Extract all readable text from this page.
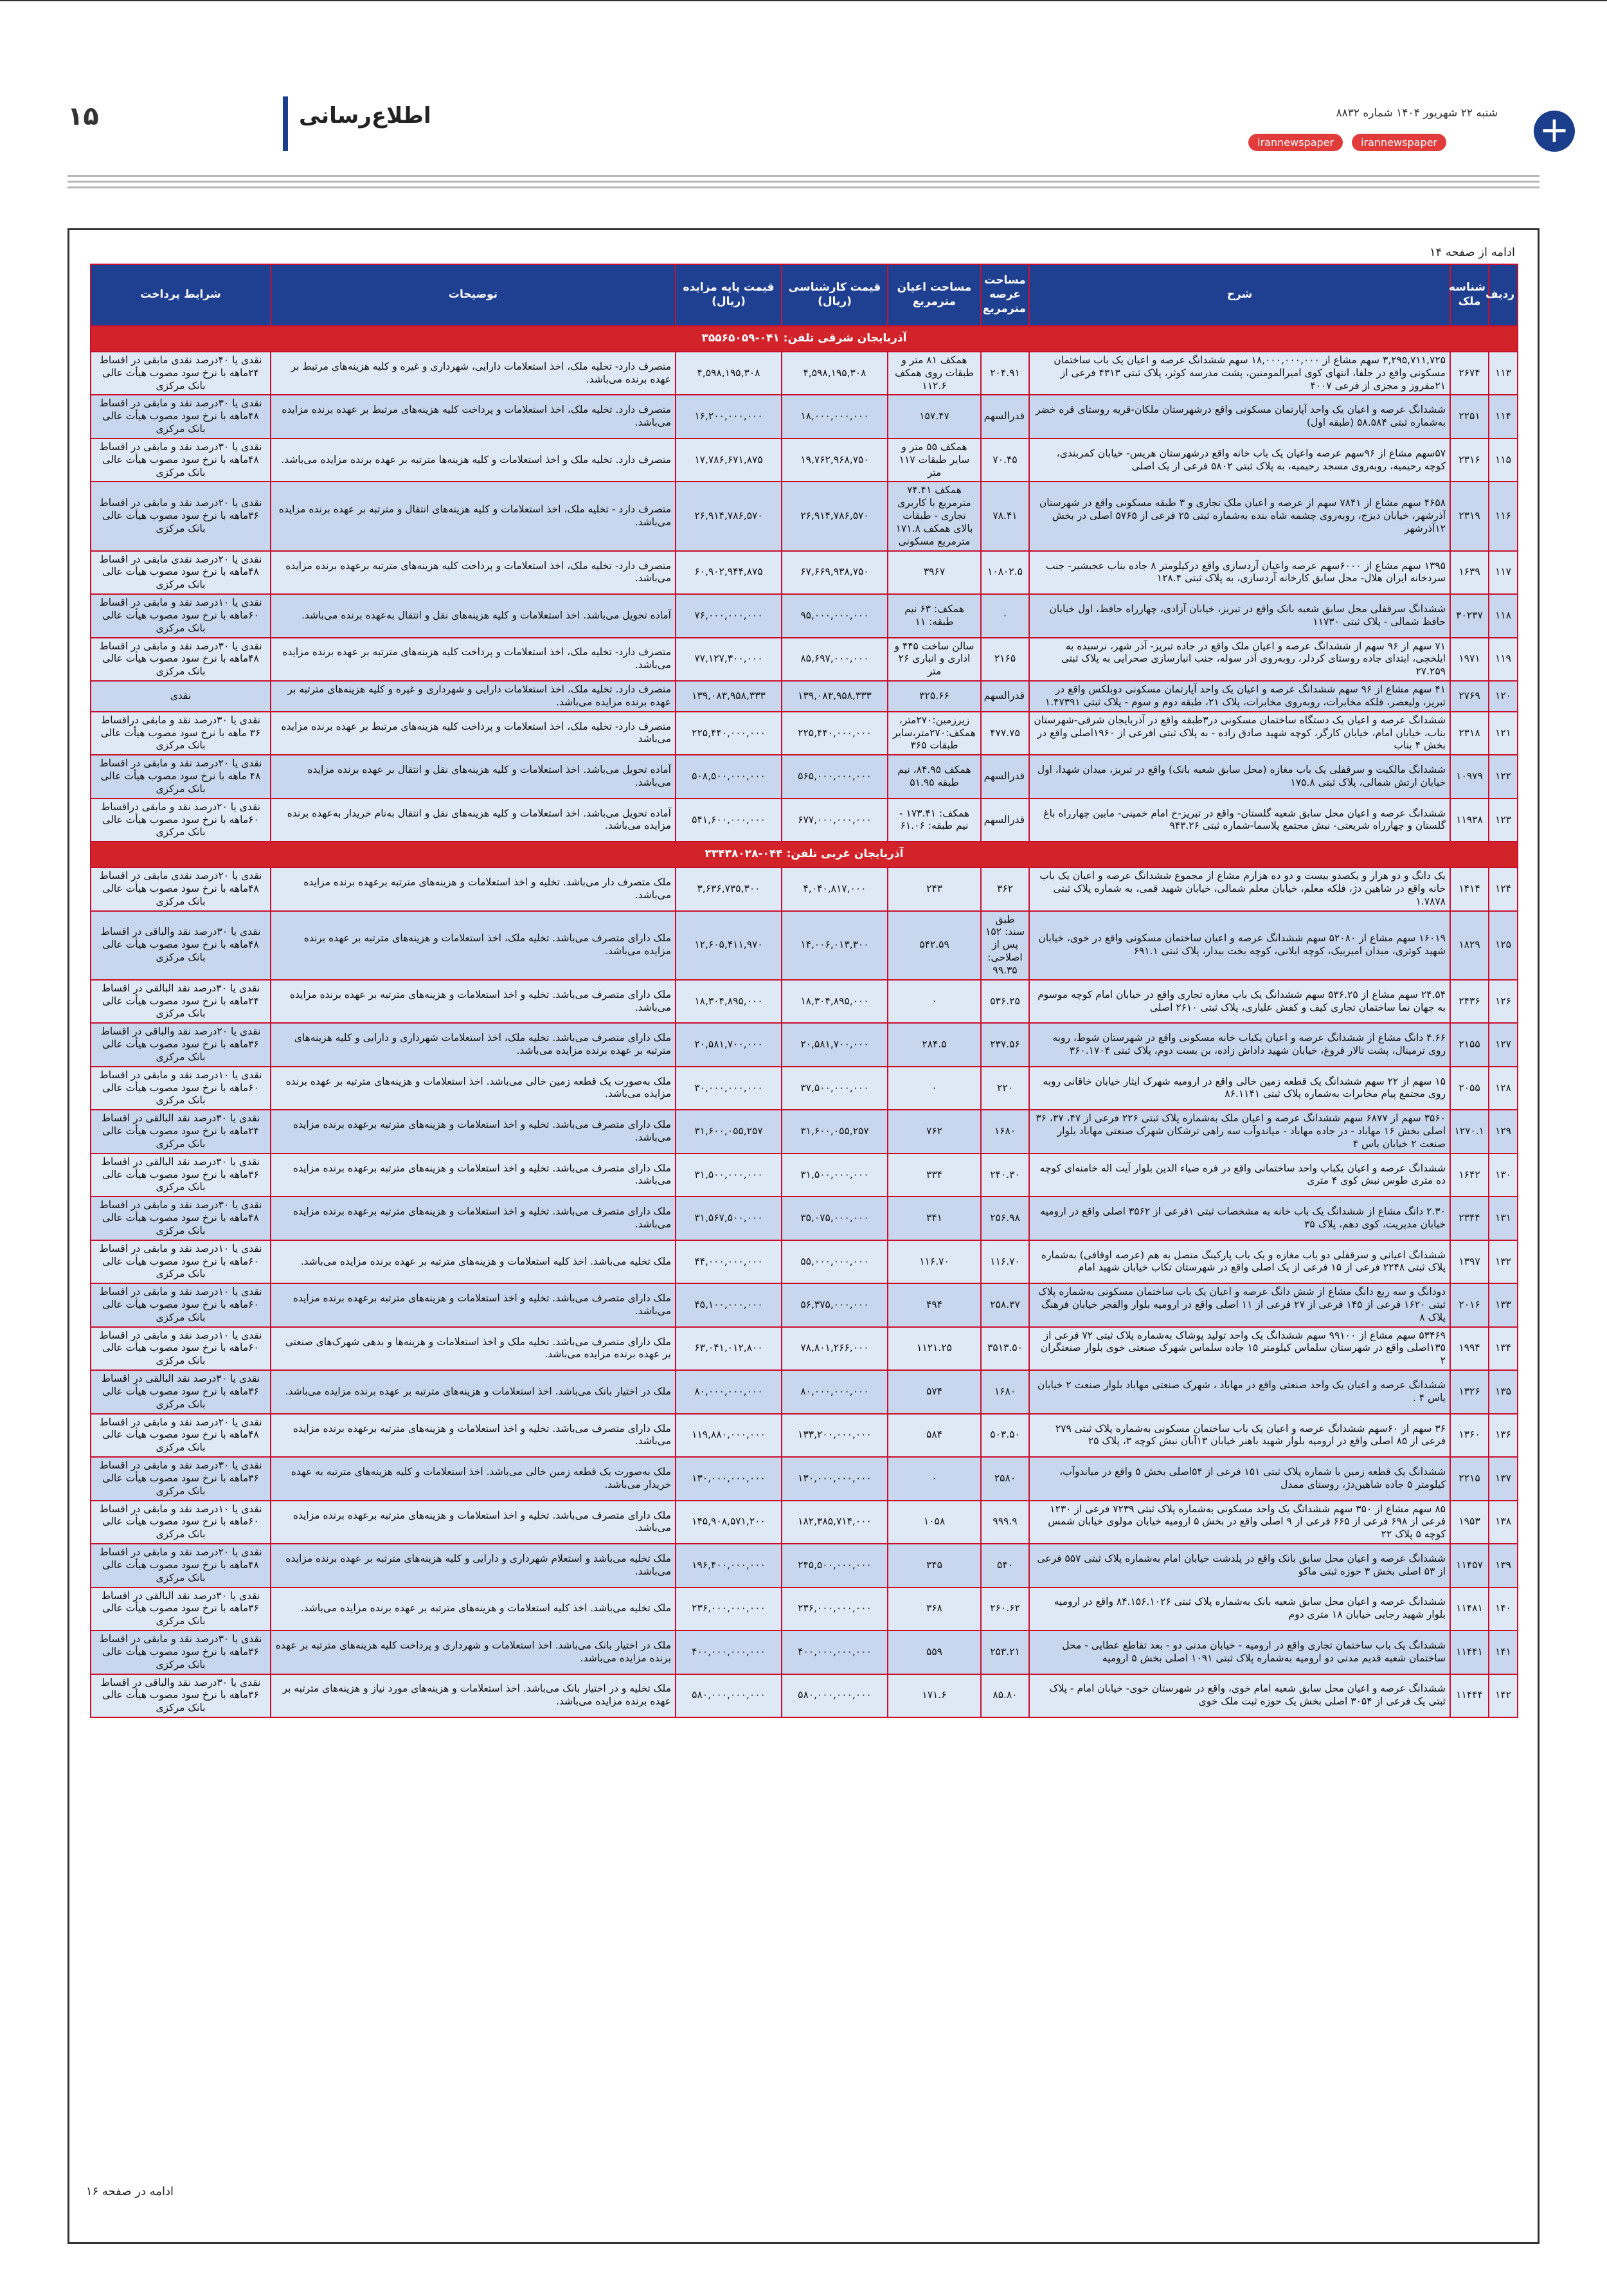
۱۵	اطلاع‌رسانی	شنبه ۲۲ شهریور ۱۴۰۴ شماره ۸۸۳۲
irannewspaper	irannewspaper	+
ادامه از صفحه ۱۴
ردیف	شناسه ملک	شرح	مساحت عرصه مترمربع	مساحت اعیان مترمربع	قیمت کارشناسی (ریال)	قیمت پایه مزایده (ریال)	توضیحات	شرایط پرداخت
آذربایجان شرقی تلفن: ۰۴۱-۳۵۵۶۵۰۵۹								
۱۱۳	۲۶۷۴	۳,۲۹۵,۷۱۱,۷۲۵ سهم مشاع از ۱۸,۰۰۰,۰۰۰,۰۰۰ سهم ششدانگ عرصه و اعیان یک باب ساختمان مسکونی واقع در جلفا، انتهای کوی امیرالمومنین، پشت مدرسه کوثر، پلاک ثبتی ۴۳۱۳ فرعی از ۲۱مفروز و مجزی از فرعی ۴۰۰۷	۲۰۴.۹۱	همکف ۸۱ متر و طبقات روی همکف ۱۱۲.۶	۴,۵۹۸,۱۹۵,۳۰۸	۴,۵۹۸,۱۹۵,۳۰۸	متصرف دارد- تخلیه ملک، اخذ استعلامات دارایی، شهرداری و غیره و کلیه هزینه‌های مرتبط بر عهده برنده می‌باشد.	نقدی یا ۴۰درصد نقدی مابقی در اقساط ۲۴ماهه با نرخ سود مصوب هیأت عالی بانک مرکزی
۱۱۴	۲۲۵۱	ششدانگ عرصه و اعیان یک واحد آپارتمان مسکونی واقع درشهرستان ملکان-قریه روستای قره خضر به‌شماره ثبتی ۵۸.۵۸۴ (طبقه اول)	قدرالسهم	۱۵۷.۴۷	۱۸,۰۰۰,۰۰۰,۰۰۰	۱۶,۲۰۰,۰۰۰,۰۰۰	متصرف دارد. تخلیه ملک، اخذ استعلامات و پرداخت کلیه هزینه‌های مرتبط بر عهده برنده مزایده می‌باشد.	نقدی یا ۳۰درصد نقد و مابقی در اقساط ۴۸ماهه با نرخ سود مصوب هیأت عالی بانک مرکزی
۱۱۵	۲۳۱۶	۵۷سهم مشاع از ۹۶سهم عرصه واعیان یک باب خانه واقع درشهرستان هریس- خیابان کمربندی، کوچه رحیمیه، روبه‌روی مسجد رحیمیه، به پلاک ثبتی ۵۸۰۲ فرعی از یک اصلی	۷۰.۴۵	همکف ۵۵ متر و سایر طبقات ۱۱۷ متر	۱۹,۷۶۲,۹۶۸,۷۵۰	۱۷,۷۸۶,۶۷۱,۸۷۵	متصرف دارد. تخلیه ملک و اخذ استعلامات و کلیه هزینه‌ها مترتبه بر عهده برنده مزایده می‌باشد.	نقدی یا ۳۰درصد نقد و مابقی در اقساط ۴۸ماهه با نرخ سود مصوب هیأت عالی بانک مرکزی
۱۱۶	۲۳۱۹	۴۶۵۸ سهم مشاع از ۷۸۴۱ سهم از عرصه و اعیان ملک تجاری و ۳ طبقه مسکونی واقع در شهرستان آذرشهر، خیابان دیزج، روبه‌روی چشمه شاه بنده به‌شماره ثبتی ۲۵ فرعی از ۵۷۶۵ اصلی در بخش ۱۲آذرشهر	۷۸.۴۱	همکف ۷۴.۴۱ مترمربع با کاربری تجاری - طبقات بالای همکف ۱۷۱.۸ مترمربع مسکونی	۲۶,۹۱۴,۷۸۶,۵۷۰	۲۶,۹۱۴,۷۸۶,۵۷۰	متصرف دارد - تخلیه ملک، اخذ استعلامات و کلیه هزینه‌های انتقال و مترتبه بر عهده برنده مزایده می‌باشد.	نقدی یا ۲۰درصد نقد و مابقی در اقساط ۳۶ماهه با نرخ سود مصوب هیأت عالی بانک مرکزی
۱۱۷	۱۶۳۹	۱۳۹۵ سهم مشاع از ۶۰۰۰سهم عرصه واعیان آردسازی واقع درکیلومتر ۸ جاده بناب عجبشیر- جنب سردخانه ایران هلال- محل سابق کارخانه آردسازی، به پلاک ثبتی ۱۲۸.۴	۱۰۸۰۲.۵	۳۹۶۷	۶۷,۶۶۹,۹۳۸,۷۵۰	۶۰,۹۰۲,۹۴۴,۸۷۵	متصرف دارد- تخلیه ملک، اخذ استعلامات و پرداخت کلیه هزینه‌های مترتبه برعهده برنده مزایده می‌باشد.	نقدی یا ۲۰درصد نقدی مابقی در اقساط ۴۸ماهه با نرخ سود مصوب هیأت عالی بانک مرکزی
۱۱۸	۳۰۲۳۷	ششدانگ سرقفلی محل سابق شعبه بانک واقع در تبریز، خیابان آزادی، چهارراه حافظ، اول خیابان حافظ شمالی - پلاک ثبتی ۱۱۷۳۰	۰	همکف: ۶۳ نیم طبقه: ۱۱	۹۵,۰۰۰,۰۰۰,۰۰۰	۷۶,۰۰۰,۰۰۰,۰۰۰	آماده تحویل می‌باشد. اخذ استعلامات و کلیه هزینه‌های نقل و انتقال به‌عهده برنده می‌باشد.	نقدی یا ۱۰درصد نقد و مابقی در اقساط ۶۰ماهه با نرخ سود مصوب هیأت عالی بانک مرکزی
۱۱۹	۱۹۷۱	۷۱ سهم از ۹۶ سهم از ششدانگ عرصه و اعیان ملک واقع در جاده تبریز- آذر شهر، نرسیده به ایلخچی، ابتدای جاده روستای کردلر، روبه‌روی آذر سوله، جنب انبارسازی صحرایی به پلاک ثبتی ۲۷.۲۵۹	۲۱۶۵	سالن ساخت ۴۴۵ و اداری و انباری ۲۶ متر	۸۵,۶۹۷,۰۰۰,۰۰۰	۷۷,۱۲۷,۳۰۰,۰۰۰	متصرف دارد- تخلیه ملک، اخذ استعلامات و پرداخت کلیه هزینه‌های مترتبه بر عهده برنده مزایده می‌باشد.	نقدی یا ۳۰درصد نقد و مابقی در اقساط ۴۸ماهه با نرخ سود مصوب هیأت عالی بانک مرکزی
۱۲۰	۲۷۶۹	۴۱ سهم مشاع از ۹۶ سهم ششدانگ عرصه و اعیان یک واحد آپارتمان مسکونی دوبلکس واقع در تبریز، ولیعصر، فلکه مخابرات، روبه‌روی مخابرات، پلاک ۲۱، طبقه دوم و سوم - پلاک ثبتی ۱.۴۷۳۹۱	قدرالسهم	۳۲۵.۶۶	۱۳۹,۰۸۳,۹۵۸,۳۳۳	۱۳۹,۰۸۳,۹۵۸,۳۳۳	متصرف دارد. تخلیه ملک، اخذ استعلامات دارایی و شهرداری و غیره و کلیه هزینه‌های مترتبه بر عهده برنده مزایده می‌باشد.	نقدی
۱۲۱	۲۳۱۸	ششدانگ عرصه و اعیان یک دستگاه ساختمان مسکونی در۳طبقه واقع در آذربایجان شرقی-شهرستان بناب، خیابان امام، خیابان کارگر، کوچه شهید صادق زاده - به پلاک ثبتی افرعی از ۱۹۶۰اصلی واقع در بخش ۴ بناب	۴۷۷.۷۵	زیرزمین:۲۷۰متر، همکف:۲۷۰متر،سایر طبقات ۳۶۵	۲۲۵,۴۴۰,۰۰۰,۰۰۰	۲۲۵,۴۴۰,۰۰۰,۰۰۰	متصرف دارد- تخلیه ملک، اخذ استعلامات و پرداخت کلیه هزینه‌های مرتبط بر عهده برنده مزایده می‌باشد	نقدی یا ۳۰درصد نقد و مابقی دراقساط ۳۶ ماهه با نرخ سود مصوب هیأت عالی بانک مرکزی
۱۲۲	۱۰۹۷۹	ششدانگ مالکیت و سرقفلی یک باب مغازه (محل سابق شعبه بانک) واقع در تبریز، میدان شهدا، اول خیابان ارتش شمالی، پلاک ثبتی ۱۷۵.۸	قدرالسهم	همکف ۸۴.۹۵، نیم طبقه ۵۱.۹۵	۵۶۵,۰۰۰,۰۰۰,۰۰۰	۵۰۸,۵۰۰,۰۰۰,۰۰۰	آماده تحویل می‌باشد. اخذ استعلامات و کلیه هزینه‌های نقل و انتقال بر عهده برنده مزایده می‌باشد.	نقدی یا ۲۰درصد نقد و مابقی در اقساط ۴۸ ماهه با نرخ سود مصوب هیأت عالی بانک مرکزی
۱۲۳	۱۱۹۳۸	ششدانگ عرصه و اعیان محل سابق شعبه گلستان- واقع در تبریز-خ امام خمینی- مابین چهارراه باغ گلستان و چهارراه شریعتی- نبش مجتمع پلاسما-شماره ثبتی ۹۴۳.۲۶	قدرالسهم	همکف: ۱۷۳.۴۱ - نیم طبقه: ۶۱.۰۶	۶۷۷,۰۰۰,۰۰۰,۰۰۰	۵۴۱,۶۰۰,۰۰۰,۰۰۰	آماده تحویل می‌باشد. اخذ استعلامات و کلیه هزینه‌های نقل و انتقال به‌نام خریدار به‌عهده برنده مزایده می‌باشد.	نقدی یا ۲۰درصد نقد و مابقی دراقساط ۶۰ماهه با نرخ سود مصوب هیأت عالی بانک مرکزی
آذربایجان غربی تلفن: ۰۴۴-۳۳۴۳۸۰۲۸								
۱۲۴	۱۴۱۴	یک دانگ و دو هزار و یکصدو بیست و دو ده هزارم مشاع از مجموع ششدانگ عرصه و اعیان یک باب خانه واقع در شاهین دژ، فلکه معلم، خیابان معلم شمالی، خیابان شهید قمی، به شماره پلاک ثبتی ۱.۷۸۷۸	۳۶۲	۲۴۳	۴,۰۴۰,۸۱۷,۰۰۰	۳,۶۳۶,۷۳۵,۳۰۰	ملک متصرف دار می‌باشد. تخلیه و اخذ استعلامات و هزینه‌های مترتبه برعهده برنده مزایده می‌باشد.	نقدی یا ۲۰درصد نقدی مابقی در اقساط ۴۸ماهه با نرخ سود مصوب هیأت عالی بانک مرکزی
۱۲۵	۱۸۲۹	۱۶۰۱۹ سهم مشاع از ۵۲۰۸۰ سهم ششدانگ عرصه و اعیان ساختمان مسکونی واقع در خوی، خیابان شهید کوثری، میدان امیربیک، کوچه ایلانی، کوچه بخت بیدار، پلاک ثبتی ۶۹۱.۱	طبق سند: ۱۵۲ پس از اصلاحی: ۹۹.۳۵	۵۴۲.۵۹	۱۴,۰۰۶,۰۱۳,۳۰۰	۱۲,۶۰۵,۴۱۱,۹۷۰	ملک دارای متصرف می‌باشد. تخلیه ملک، اخذ استعلامات و هزینه‌های مترتبه بر عهده برنده مزایده می‌باشد.	نقدی یا ۳۰درصد نقد والباقی در اقساط ۴۸ماهه با نرخ سود مصوب هیأت عالی بانک مرکزی
۱۲۶	۲۴۳۶	۲۴.۵۴ سهم مشاع از ۵۳۶.۲۵ سهم ششدانگ یک باب مغازه تجاری واقع در خیابان امام کوچه موسوم به جهان نما ساختمان تجاری کیف و کفش علیاری، پلاک ثبتی ۲۶۱۰ اصلی	۵۳۶.۲۵	۰	۱۸,۳۰۴,۸۹۵,۰۰۰	۱۸,۳۰۴,۸۹۵,۰۰۰	ملک دارای متصرف می‌باشد. تخلیه و اخذ استعلامات و هزینه‌های مترتبه بر عهده برنده مزایده می‌باشد.	نقدی یا ۳۰درصد نقد البالقی در اقساط ۲۴ماهه با نرخ سود مصوب هیأت عالی بانک مرکزی
۱۲۷	۲۱۵۵	۴.۶۶ دانگ مشاع از ششدانگ عرصه و اعیان یکباب خانه مسکونی واقع در شهرستان شوط، روبه روی ترمینال، پشت تالار فروغ، خیابان شهید داداش زاده، بن بست دوم، پلاک ثبتی ۳۶۰.۱۷۰۴	۲۳۷.۵۶	۲۸۴.۵	۲۰,۵۸۱,۷۰۰,۰۰۰	۲۰,۵۸۱,۷۰۰,۰۰۰	ملک دارای متصرف می‌باشد. تخلیه ملک، اخذ استعلامات شهرداری و دارایی و کلیه هزینه‌های مترتبه بر عهده برنده مزایده می‌باشد.	نقدی یا ۲۰درصد نقد والباقی در اقساط ۳۶ماهه با نرخ سود مصوب هیأت عالی بانک مرکزی
۱۲۸	۲۰۵۵	۱۵ سهم از ۲۲ سهم ششدانگ یک قطعه زمین خالی واقع در ارومیه شهرک ایثار خیابان خاقانی روبه روی مجتمع پیام مخابرات به‌شماره پلاک ثبتی ۸۶.۱۱۴۱	۲۲۰	۰	۳۷,۵۰۰,۰۰۰,۰۰۰	۳۰,۰۰۰,۰۰۰,۰۰۰	ملک به‌صورت یک قطعه زمین خالی می‌باشد. اخذ استعلامات و هزینه‌های مترتبه بر عهده برنده مزایده می‌باشد.	نقدی یا ۱۰درصد نقد و مابقی در اقساط ۶۰ماهه با نرخ سود مصوب هیأت عالی بانک مرکزی
۱۲۹	۱۲۷۰.۱	۳۵۶۰ سهم از ۶۸۷۷ سهم ششدانگ عرصه و اعیان ملک به‌شماره پلاک ثبتی ۲۲۶ فرعی از ۴۷، ۳۷، ۳۶ اصلی بخش ۱۶ مهاباد - در جاده مهاباد - میاندوآب سه راهی ترشکان شهرک صنعتی مهاباد بلوار صنعت ۲ خیابان یاس ۴	۱۶۸۰	۷۶۲	۳۱,۶۰۰,۰۵۵,۲۵۷	۳۱,۶۰۰,۰۵۵,۲۵۷	ملک دارای متصرف می‌باشد. تخلیه و اخذ استعلامات و هزینه‌های مترتبه برعهده برنده مزایده می‌باشد.	نقدی یا ۳۰درصد نقد البالقی در اقساط ۲۴ماهه با نرخ سود مصوب هیأت عالی بانک مرکزی
۱۳۰	۱۶۴۲	ششدانگ عرصه و اعیان یکباب واحد ساختمانی واقع در فره ضیاء الدین بلوار آیت اله خامنه‌ای کوچه ده متری طوس نبش کوی ۴ متری	۲۴۰.۳۰	۳۳۴	۳۱,۵۰۰,۰۰۰,۰۰۰	۳۱,۵۰۰,۰۰۰,۰۰۰	ملک دارای متصرف می‌باشد. تخلیه و اخذ استعلامات و هزینه‌های مترتبه برعهده برنده مزایده می‌باشد.	نقدی یا ۳۰درصد نقد البالقی در اقساط ۳۶ماهه با نرخ سود مصوب هیأت عالی بانک مرکزی
۱۳۱	۲۳۴۴	۲.۳۰ دانگ مشاع از ششدانگ یک باب خانه به مشخصات ثبتی ۱فرعی از ۳۵۶۲ اصلی واقع در ارومیه خیابان مدیریت، کوی دهم، پلاک ۳۵	۲۵۶.۹۸	۳۴۱	۳۵,۰۷۵,۰۰۰,۰۰۰	۳۱,۵۶۷,۵۰۰,۰۰۰	ملک دارای متصرف می‌باشد. تخلیه و اخذ استعلامات و هزینه‌های مترتبه برعهده برنده مزایده می‌باشد.	نقدی یا ۳۰درصد نقد و مابقی در اقساط ۴۸ماهه با نرخ سود مصوب هیأت عالی بانک مرکزی
۱۳۲	۱۳۹۷	ششدانگ اعیانی و سرقفلی دو باب مغازه و یک باب پارکینگ متصل به هم (عرصه اوقافی) به‌شماره پلاک ثبتی ۲۲۴۸ فرعی از ۱۵ فرعی از یک اصلی واقع در شهرستان تکاب خیابان شهید امام	۱۱۶.۷۰	۱۱۶.۷۰	۵۵,۰۰۰,۰۰۰,۰۰۰	۴۴,۰۰۰,۰۰۰,۰۰۰	ملک تخلیه می‌باشد. اخذ کلیه استعلامات و هزینه‌های مترتبه بر عهده برنده مزایده می‌باشد.	نقدی یا ۱۰درصد نقد و مابقی در اقساط ۶۰ماهه با نرخ سود مصوب هیأت عالی بانک مرکزی
۱۳۳	۲۰۱۶	دودانگ و سه ربع دانگ مشاع از شش دانگ عرصه و اعیان یک باب ساختمان مسکونی به‌شماره پلاک ثبتی ۱۶۲۰ فرعی از ۱۴۵ فرعی از ۲۷ فرعی از ۱۱ اصلی واقع در ارومیه بلوار والفجر خیابان فرهنگ پلاک ۸	۲۵۸.۳۷	۴۹۴	۵۶,۳۷۵,۰۰۰,۰۰۰	۴۵,۱۰۰,۰۰۰,۰۰۰	ملک دارای متصرف می‌باشد. تخلیه و اخذ استعلامات و هزینه‌های مترتبه برعهده برنده مزایده می‌باشد.	نقدی یا ۱۰درصد نقد و مابقی در اقساط ۶۰ماهه با نرخ سود مصوب هیأت عالی بانک مرکزی
۱۳۴	۱۹۹۴	۵۳۴۶۹ سهم مشاع از ۹۹۱۰۰ سهم ششدانگ یک واحد تولید پوشاک به‌شماره پلاک ثبتی ۷۲ فرعی از ۱۳۵اصلی واقع در شهرستان سلماس کیلومتر ۱۵ جاده سلماس شهرک صنعتی خوی بلوار صنعتگران ۲	۳۵۱۳.۵۰	۱۱۲۱.۲۵	۷۸,۸۰۱,۲۶۶,۰۰۰	۶۳,۰۴۱,۰۱۲,۸۰۰	ملک دارای متصرف می‌باشد. تخلیه ملک و اخذ استعلامات و هزینه‌ها و بدهی شهرک‌های صنعتی بر عهده برنده مزایده می‌باشد.	نقدی یا ۱۰درصد نقد و مابقی در اقساط ۶۰ماهه با نرخ سود مصوب هیأت عالی بانک مرکزی
۱۳۵	۱۳۲۶	ششدانگ عرصه و اعیان یک واحد صنعتی واقع در مهاباد ، شهرک صنعتی مهاباد بلوار صنعت ۲ خیابان یاس ۴ .	۱۶۸۰	۵۷۴	۸۰,۰۰۰,۰۰۰,۰۰۰	۸۰,۰۰۰,۰۰۰,۰۰۰	ملک در اختیار بانک می‌باشد. اخذ استعلامات و هزینه‌های مترتبه بر عهده برنده مزایده می‌باشد.	نقدی یا ۳۰درصد نقد البالقی در اقساط ۳۶ماهه با نرخ سود مصوب هیأت عالی بانک مرکزی
۱۳۶	۱۳۶۰	۳۶ سهم از ۶۰سهم ششدانگ عرصه و اعیان یک باب ساختمان مسکونی به‌شماره پلاک ثبتی ۲۷۹ فرعی از ۸۵ اصلی واقع در ارومیه بلوار شهید باهنر خیابان ۱۳آبان نبش کوچه ۳، پلاک ۲۵	۵۰۳.۵۰	۵۸۴	۱۳۳,۲۰۰,۰۰۰,۰۰۰	۱۱۹,۸۸۰,۰۰۰,۰۰۰	ملک دارای متصرف می‌باشد. تخلیه و اخذ استعلامات و هزینه‌های مترتبه برعهده برنده مزایده می‌باشد.	نقدی یا ۲۰درصد نقد و مابقی در اقساط ۴۸ماهه با نرخ سود مصوب هیأت عالی بانک مرکزی
۱۳۷	۲۲۱۵	ششدانگ یک قطعه زمین با شماره پلاک ثبتی ۱۵۱ فرعی از ۵۴اصلی بخش ۵ واقع در میاندوآب، کیلومتر ۵ جاده شاهین‌دژ، روستای ممدل	۲۵۸۰	۰	۱۳۰,۰۰۰,۰۰۰,۰۰۰	۱۳۰,۰۰۰,۰۰۰,۰۰۰	ملک به‌صورت یک قطعه زمین خالی می‌باشد. اخذ استعلامات و کلیه هزینه‌های مترتبه به عهده خریدار می‌باشد.	نقدی یا ۳۰درصد نقد و مابقی در اقساط ۳۶ماهه با نرخ سود مصوب هیأت عالی بانک مرکزی
۱۳۸	۱۹۵۳	۸۵ سهم مشاع از ۳۵۰ سهم ششدانگ یک واحد مسکونی به‌شماره پلاک ثبتی ۷۲۳۹ فرعی از ۱۲۳۰ فرعی از ۶۹۸ فرعی از ۶۶۵ فرعی از ۹ اصلی واقع در بخش ۵ ارومیه خیابان مولوی خیابان شمس کوچه ۵ پلاک ۲۲	۹۹۹.۹	۱۰۵۸	۱۸۲,۳۸۵,۷۱۴,۰۰۰	۱۴۵,۹۰۸,۵۷۱,۲۰۰	ملک دارای متصرف می‌باشد. تخلیه و اخذ استعلامات و هزینه‌های مترتبه برعهده برنده مزایده می‌باشد.	نقدی یا ۱۰درصد نقد و مابقی در اقساط ۶۰ماهه با نرخ سود مصوب هیأت عالی بانک مرکزی
۱۳۹	۱۱۴۵۷	ششدانگ عرصه و اعیان محل سابق بانک واقع در پلدشت خیابان امام به‌شماره پلاک ثبتی ۵۵۷ فرعی از ۵۳ اصلی بخش ۳ حوزه ثبتی ماکو	۵۴۰	۳۴۵	۲۴۵,۵۰۰,۰۰۰,۰۰۰	۱۹۶,۴۰۰,۰۰۰,۰۰۰	ملک تخلیه می‌باشد و استعلام شهرداری و دارایی و کلیه هزینه‌های مترتبه بر عهده برنده مزایده می‌باشد.	نقدی یا ۲۰درصد نقد و مابقی در اقساط ۴۸ماهه با نرخ سود مصوب هیأت عالی بانک مرکزی
۱۴۰	۱۱۴۸۱	ششدانگ عرصه و اعیان محل سابق شعبه بانک به‌شماره پلاک ثبتی ۸۴.۱۵۶.۱۰۲۶ واقع در ارومیه بلوار شهید رجایی خیابان ۱۸ متری دوم	۲۶۰.۶۲	۳۶۸	۲۳۶,۰۰۰,۰۰۰,۰۰۰	۲۳۶,۰۰۰,۰۰۰,۰۰۰	ملک تخلیه می‌باشد. اخذ کلیه استعلامات و هزینه‌های مترتبه بر عهده برنده مزایده می‌باشد.	نقدی یا ۳۰درصد نقد البالقی در اقساط ۳۶ماهه با نرخ سود مصوب هیأت عالی بانک مرکزی
۱۴۱	۱۱۴۴۱	ششدانگ یک باب ساختمان تجاری واقع در ارومیه - خیابان مدنی دو - بعد تقاطع عطایی - محل ساختمان شعبه قدیم مدنی دو ارومیه به‌شماره پلاک ثبتی ۱۰۹۱ اصلی بخش ۵ ارومیه	۲۵۳.۲۱	۵۵۹	۴۰۰,۰۰۰,۰۰۰,۰۰۰	۴۰۰,۰۰۰,۰۰۰,۰۰۰	ملک در اختیار بانک می‌باشد. اخذ استعلامات و شهرداری و پرداخت کلیه هزینه‌های مترتبه بر عهده برنده مزایده می‌باشد.	نقدی یا ۳۰درصد نقد و مابقی در اقساط ۳۶ماهه با نرخ سود مصوب هیأت عالی بانک مرکزی
۱۴۲	۱۱۴۴۴	ششدانگ عرصه و اعیان محل سابق شعبه امام خوی، واقع در شهرستان خوی- خیابان امام - پلاک ثبتی یک فرعی از ۳۰۵۴ اصلی بخش یک حوزه ثبت ملک خوی	۸۵.۸۰	۱۷۱.۶	۵۸۰,۰۰۰,۰۰۰,۰۰۰	۵۸۰,۰۰۰,۰۰۰,۰۰۰	ملک تخلیه و در اختیار بانک می‌باشد. اخذ استعلامات و هزینه‌های مورد نیاز و هزینه‌های مترتبه بر عهده برنده مزایده می‌باشد.	نقدی یا ۳۰درصد نقد والباقی در اقساط ۳۶ماهه با نرخ سود مصوب هیأت عالی بانک مرکزی
ادامه در صفحه ۱۶
